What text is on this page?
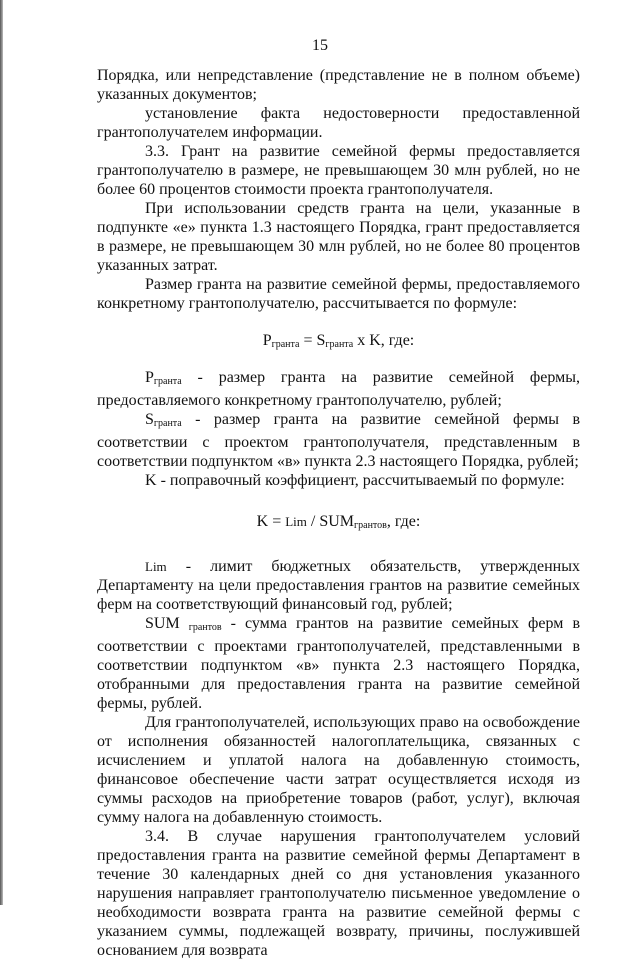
15

Порядка, или непредставление (представление не в полном объеме) указанных документов;

установление факта недостоверности предоставленной грантополучателем информации.

3.3. Грант на развитие семейной фермы предоставляется грантополучателю в размере, не превышающем 30 млн рублей, но не более 60 процентов стоимости проекта грантополучателя.

При использовании средств гранта на цели, указанные в подпункте «е» пункта 1.3 настоящего Порядка, грант предоставляется в размере, не превышающем 30 млн рублей, но не более 80 процентов указанных затрат.

Размер гранта на развитие семейной фермы, предоставляемого конкретному грантополучателю, рассчитывается по формуле:

$P_{гранта} = S_{гранта}$ x K, где:

$P_{гранта}$ - размер гранта на развитие семейной фермы, предоставляемого конкретному грантополучателю, рублей;

$S_{гранта}$ - размер гранта на развитие семейной фермы в соответствии с проектом грантополучателя, представленным в соответствии подпунктом «в» пункта 2.3 настоящего Порядка, рублей;

K - поправочный коэффициент, рассчитываемый по формуле:

K = Lim / $SUM_{грантов}$, где:

Lim - лимит бюджетных обязательств, утвержденных Департаменту на цели предоставления грантов на развитие семейных ферм на соответствующий финансовый год, рублей;

SUM $_{грантов}$ - сумма грантов на развитие семейных ферм в соответствии с проектами грантополучателей, представленными в соответствии подпунктом «в» пункта 2.3 настоящего Порядка, отобранными для предоставления гранта на развитие семейной фермы, рублей.

Для грантополучателей, использующих право на освобождение от исполнения обязанностей налогоплательщика, связанных с исчислением и уплатой налога на добавленную стоимость, финансовое обеспечение части затрат осуществляется исходя из суммы расходов на приобретение товаров (работ, услуг), включая сумму налога на добавленную стоимость.

3.4. В случае нарушения грантополучателем условий предоставления гранта на развитие семейной фермы Департамент в течение 30 календарных дней со дня установления указанного нарушения направляет грантополучателю письменное уведомление о необходимости возврата гранта на развитие семейной фермы с указанием суммы, подлежащей возврату, причины, послужившей основанием для возврата
